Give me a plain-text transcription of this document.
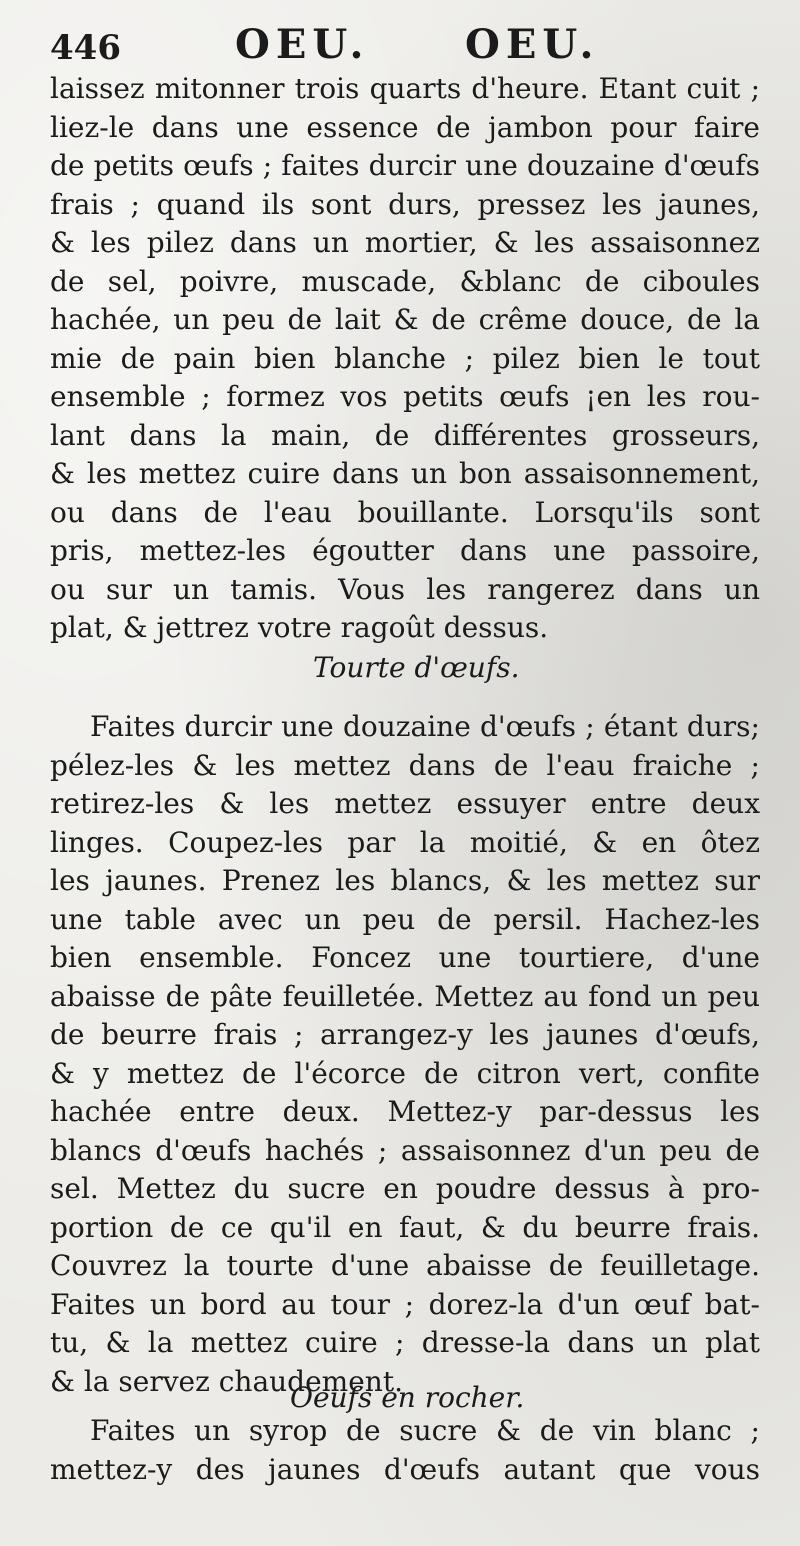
446	OEU. OEU.
laissez mitonner trois quarts d'heure. Etant cuit ;
liez-le dans une essence de jambon pour faire
de petits œufs ; faites durcir une douzaine d'œufs
frais ; quand ils sont durs, pressez les jaunes,
& les pilez dans un mortier, & les assaisonnez
de sel, poivre, muscade, &blanc de ciboules
hachée, un peu de lait & de crême douce, de la
mie de pain bien blanche ; pilez bien le tout
ensemble ; formez vos petits œufs ¡en les rou-
lant dans la main, de différentes grosseurs,
& les mettez cuire dans un bon assaisonnement,
ou dans de l'eau bouillante. Lorsqu'ils sont
pris, mettez-les égoutter dans une passoire,
ou sur un tamis. Vous les rangerez dans un
plat, & jettrez votre ragoût dessus.
Tourte d'œufs.
Faites durcir une douzaine d'œufs ; étant durs;
pélez-les & les mettez dans de l'eau fraiche ;
retirez-les & les mettez essuyer entre deux
linges. Coupez-les par la moitié, & en ôtez
les jaunes. Prenez les blancs, & les mettez sur
une table avec un peu de persil. Hachez-les
bien ensemble. Foncez une tourtiere, d'une
abaisse de pâte feuilletée. Mettez au fond un peu
de beurre frais ; arrangez-y les jaunes d'œufs,
& y mettez de l'écorce de citron vert, confite
hachée entre deux. Mettez-y par-dessus les
blancs d'œufs hachés ; assaisonnez d'un peu de
sel. Mettez du sucre en poudre dessus à pro-
portion de ce qu'il en faut, & du beurre frais.
Couvrez la tourte d'une abaisse de feuilletage.
Faites un bord au tour ; dorez-la d'un œuf bat-
tu, & la mettez cuire ; dresse-la dans un plat
& la servez chaudement.
Oeufs en rocher.
Faites un syrop de sucre & de vin blanc ;
mettez-y des jaunes d'œufs autant que vous
